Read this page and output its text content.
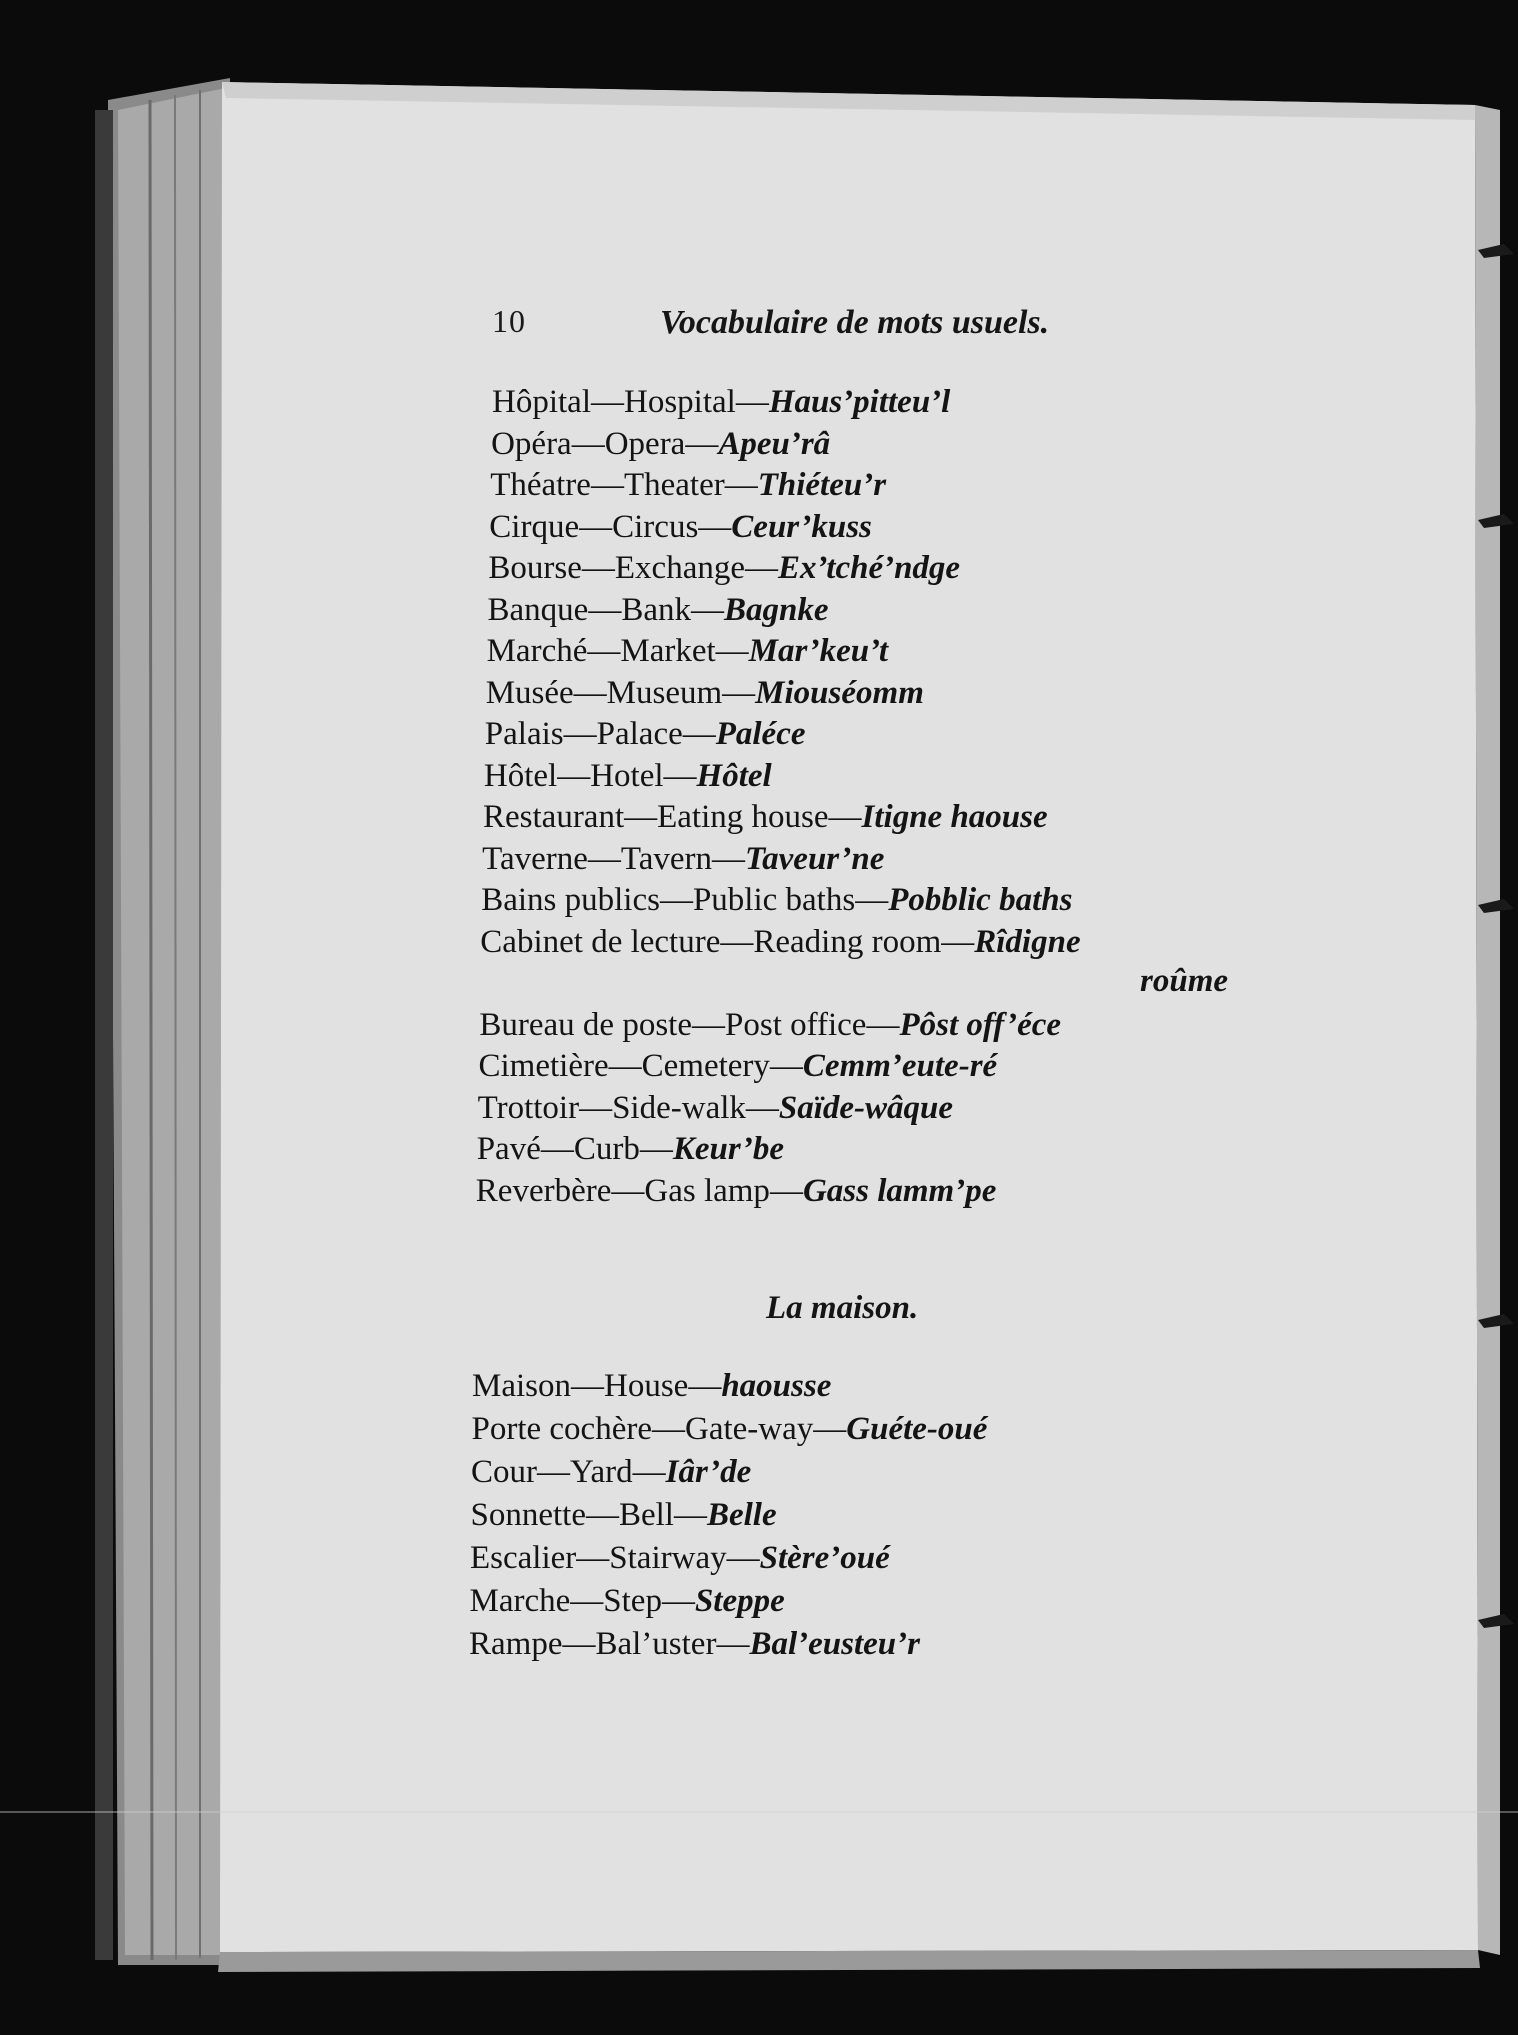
10	Vocabulaire de mots usuels.
Hôpital—Hospital—Haus’pitteu’l
Opéra—Opera—Apeu’râ
Théatre—Theater—Thiéteu’r
Cirque—Circus—Ceur’kuss
Bourse—Exchange—Ex’tché’ndge
Banque—Bank—Bagnke
Marché—Market—Mar’keu’t
Musée—Museum—Miouséomm
Palais—Palace—Paléce
Hôtel—Hotel—Hôtel
Restaurant—Eating house—Itigne haouse
Taverne—Tavern—Taveur’ne
Bains publics—Public baths—Pobblic baths
Cabinet de lecture—Reading room—Rîdigne
roûme
Bureau de poste—Post office—Pôst off’éce
Cimetière—Cemetery—Cemm’eute-ré
Trottoir—Side-walk—Saïde-wâque
Pavé—Curb—Keur’be
Reverbère—Gas lamp—Gass lamm’pe
La maison.
Maison—House—haousse
Porte cochère—Gate-way—Guéte-oué
Cour—Yard—Iâr’de
Sonnette—Bell—Belle
Escalier—Stairway—Stère’oué
Marche—Step—Steppe
Rampe—Bal’uster—Bal’eusteu’r
